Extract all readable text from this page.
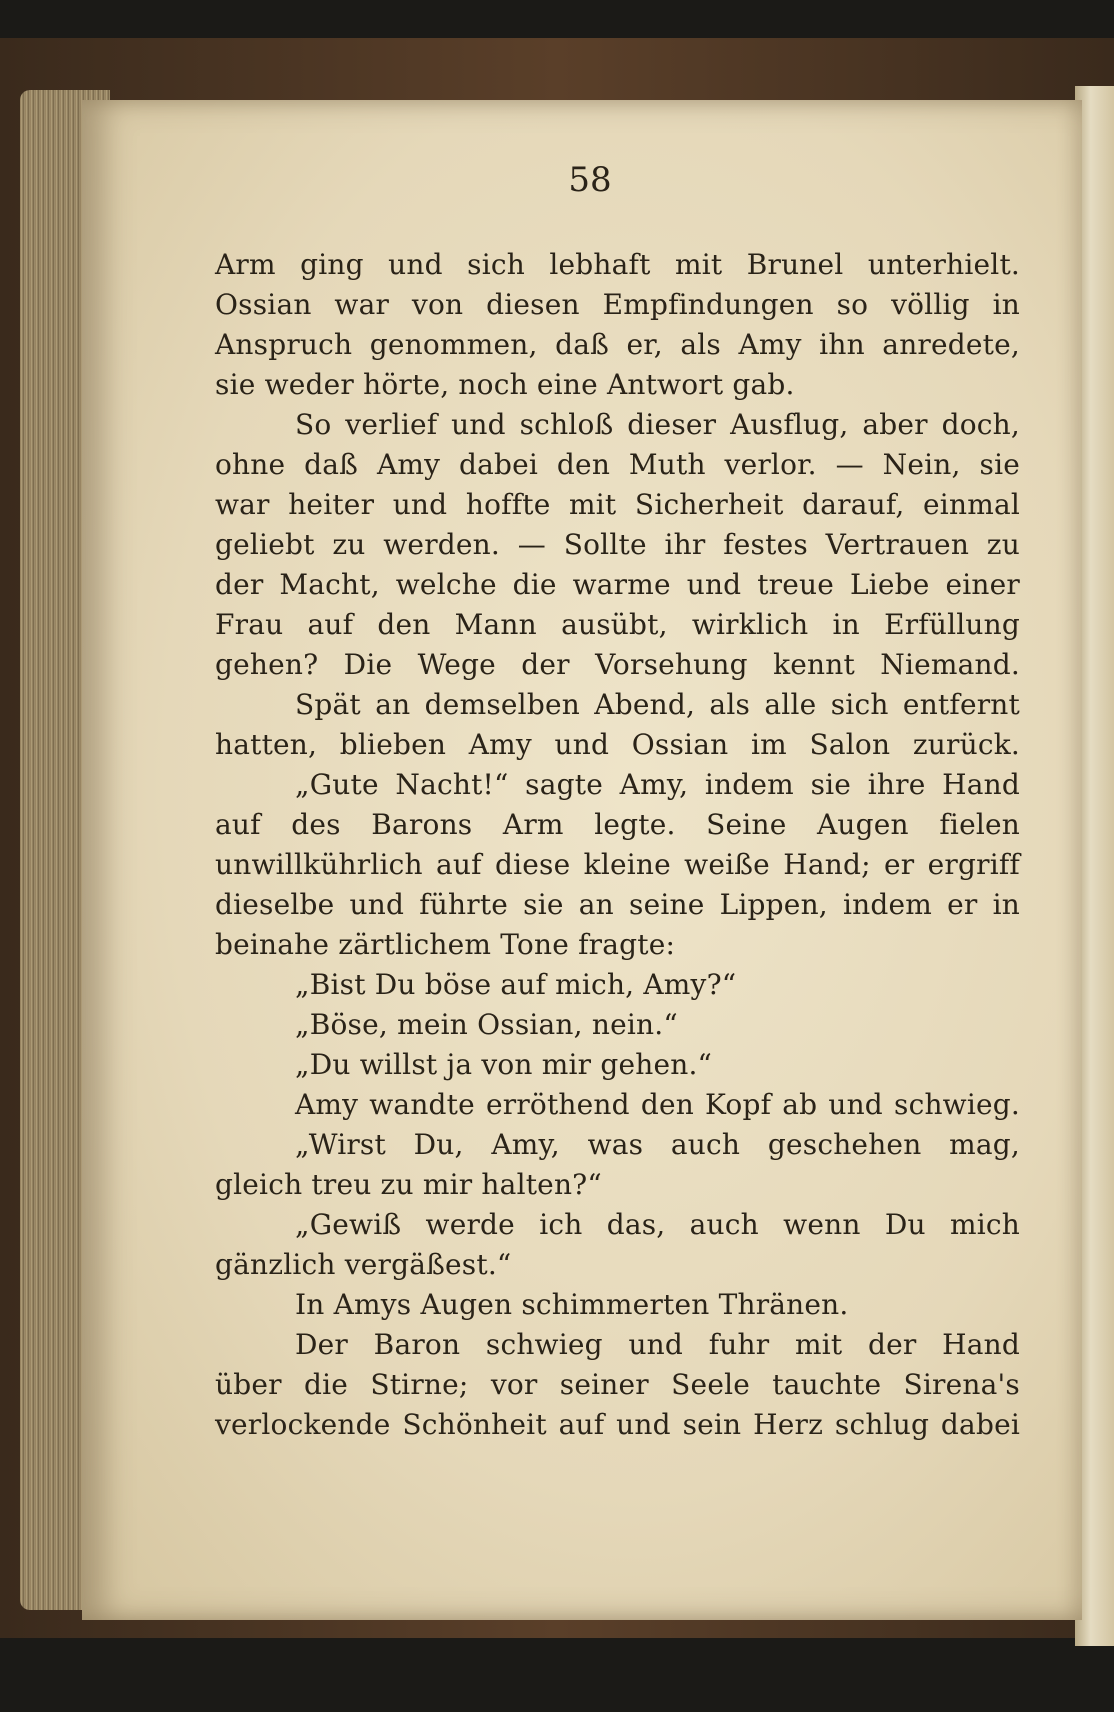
58
Arm ging und sich lebhaft mit Brunel unterhielt.
Ossian war von diesen Empfindungen so völlig in
Anspruch genommen, daß er, als Amy ihn anredete,
sie weder hörte, noch eine Antwort gab.
So verlief und schloß dieser Ausflug, aber doch,
ohne daß Amy dabei den Muth verlor. — Nein, sie
war heiter und hoffte mit Sicherheit darauf, einmal
geliebt zu werden. — Sollte ihr festes Vertrauen zu
der Macht, welche die warme und treue Liebe einer
Frau auf den Mann ausübt, wirklich in Erfüllung
gehen? Die Wege der Vorsehung kennt Niemand.
Spät an demselben Abend, als alle sich entfernt
hatten, blieben Amy und Ossian im Salon zurück.
„Gute Nacht!“ sagte Amy, indem sie ihre Hand
auf des Barons Arm legte. Seine Augen fielen
unwillkührlich auf diese kleine weiße Hand; er ergriff
dieselbe und führte sie an seine Lippen, indem er in
beinahe zärtlichem Tone fragte:
„Bist Du böse auf mich, Amy?“
„Böse, mein Ossian, nein.“
„Du willst ja von mir gehen.“
Amy wandte erröthend den Kopf ab und schwieg.
„Wirst Du, Amy, was auch geschehen mag,
gleich treu zu mir halten?“
„Gewiß werde ich das, auch wenn Du mich
gänzlich vergäßest.“
In Amys Augen schimmerten Thränen.
Der Baron schwieg und fuhr mit der Hand
über die Stirne; vor seiner Seele tauchte Sirena's
verlockende Schönheit auf und sein Herz schlug dabei
